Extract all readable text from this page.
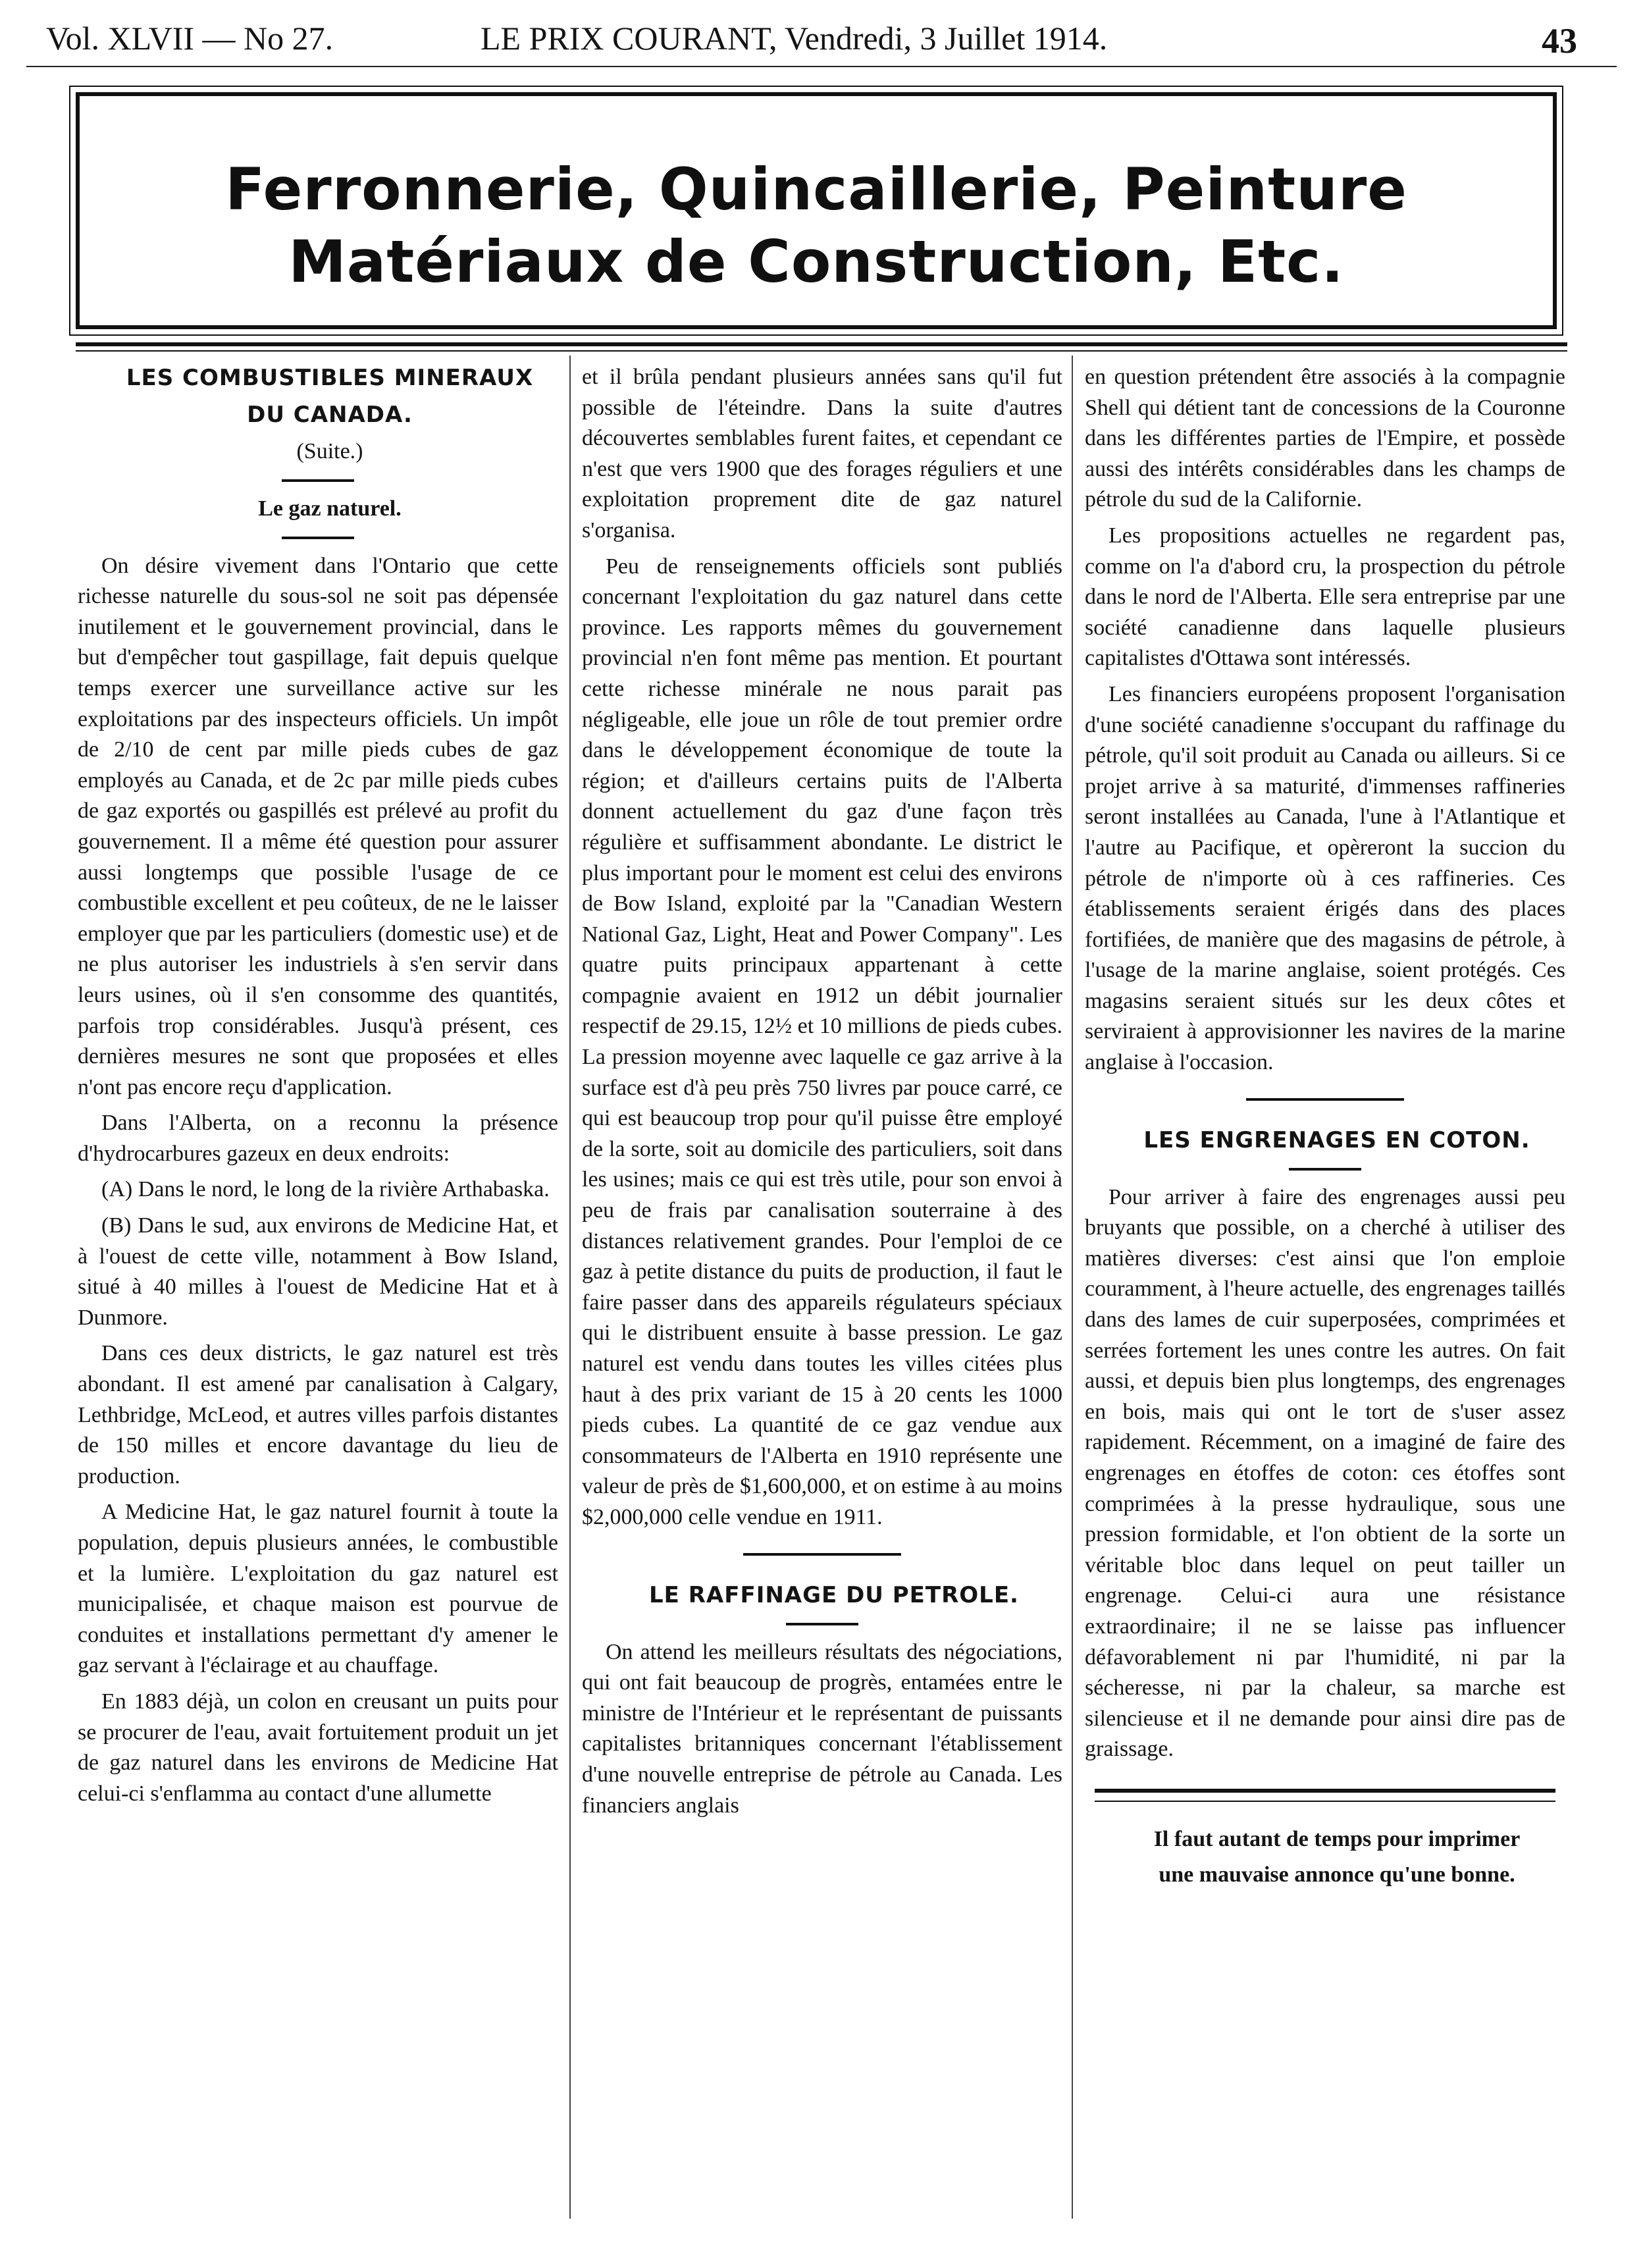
Vol. XLVII — No 27.	LE PRIX COURANT, Vendredi, 3 Juillet 1914.	43
Ferronnerie, Quincaillerie, Peinture
Matériaux de Construction, Etc.

LES COMBUSTIBLES MINERAUX

DU CANADA.

(Suite.)

Le gaz naturel.

On désire vivement dans l'Ontario que cette richesse naturelle du sous-sol ne soit pas dépensée inutilement et le gouvernement provincial, dans le but d'empêcher tout gaspillage, fait depuis quelque temps exercer une surveillance active sur les exploitations par des inspecteurs officiels. Un impôt de 2/10 de cent par mille pieds cubes de gaz employés au Canada, et de 2c par mille pieds cubes de gaz exportés ou gaspillés est prélevé au profit du gouvernement. Il a même été question pour assurer aussi longtemps que possible l'usage de ce combustible excellent et peu coûteux, de ne le laisser employer que par les particuliers (domestic use) et de ne plus autoriser les industriels à s'en servir dans leurs usines, où il s'en consomme des quantités, parfois trop considérables. Jusqu'à présent, ces dernières mesures ne sont que proposées et elles n'ont pas encore reçu d'application.

Dans l'Alberta, on a reconnu la présence d'hydrocarbures gazeux en deux endroits:

(A) Dans le nord, le long de la rivière Arthabaska.

(B) Dans le sud, aux environs de Medicine Hat, et à l'ouest de cette ville, notamment à Bow Island, situé à 40 milles à l'ouest de Medicine Hat et à Dunmore.

Dans ces deux districts, le gaz naturel est très abondant. Il est amené par canalisation à Calgary, Lethbridge, McLeod, et autres villes parfois distantes de 150 milles et encore davantage du lieu de production.

A Medicine Hat, le gaz naturel fournit à toute la population, depuis plusieurs années, le combustible et la lumière. L'exploitation du gaz naturel est municipalisée, et chaque maison est pourvue de conduites et installations permettant d'y amener le gaz servant à l'éclairage et au chauffage.

En 1883 déjà, un colon en creusant un puits pour se procurer de l'eau, avait fortuitement produit un jet de gaz naturel dans les environs de Medicine Hat celui-ci s'enflamma au contact d'une allumette

et il brûla pendant plusieurs années sans qu'il fut possible de l'éteindre. Dans la suite d'autres découvertes semblables furent faites, et cependant ce n'est que vers 1900 que des forages réguliers et une exploitation proprement dite de gaz naturel s'organisa.

Peu de renseignements officiels sont publiés concernant l'exploitation du gaz naturel dans cette province. Les rapports mêmes du gouvernement provincial n'en font même pas mention. Et pourtant cette richesse minérale ne nous parait pas négligeable, elle joue un rôle de tout premier ordre dans le développement économique de toute la région; et d'ailleurs certains puits de l'Alberta donnent actuellement du gaz d'une façon très régulière et suffisamment abondante. Le district le plus important pour le moment est celui des environs de Bow Island, exploité par la "Canadian Western National Gaz, Light, Heat and Power Company". Les quatre puits principaux appartenant à cette compagnie avaient en 1912 un débit journalier respectif de 29.15, 12½ et 10 millions de pieds cubes. La pression moyenne avec laquelle ce gaz arrive à la surface est d'à peu près 750 livres par pouce carré, ce qui est beaucoup trop pour qu'il puisse être employé de la sorte, soit au domicile des particuliers, soit dans les usines; mais ce qui est très utile, pour son envoi à peu de frais par canalisation souterraine à des distances relativement grandes. Pour l'emploi de ce gaz à petite distance du puits de production, il faut le faire passer dans des appareils régulateurs spéciaux qui le distribuent ensuite à basse pression. Le gaz naturel est vendu dans toutes les villes citées plus haut à des prix variant de 15 à 20 cents les 1000 pieds cubes. La quantité de ce gaz vendue aux consommateurs de l'Alberta en 1910 représente une valeur de près de $1,600,000, et on estime à au moins $2,000,000 celle vendue en 1911.

LE RAFFINAGE DU PETROLE.

On attend les meilleurs résultats des négociations, qui ont fait beaucoup de progrès, entamées entre le ministre de l'Intérieur et le représentant de puissants capitalistes britanniques concernant l'établissement d'une nouvelle entreprise de pétrole au Canada. Les financiers anglais

en question prétendent être associés à la compagnie Shell qui détient tant de concessions de la Couronne dans les différentes parties de l'Empire, et possède aussi des intérêts considérables dans les champs de pétrole du sud de la Californie.

Les propositions actuelles ne regardent pas, comme on l'a d'abord cru, la prospection du pétrole dans le nord de l'Alberta. Elle sera entreprise par une société canadienne dans laquelle plusieurs capitalistes d'Ottawa sont intéressés.

Les financiers européens proposent l'organisation d'une société canadienne s'occupant du raffinage du pétrole, qu'il soit produit au Canada ou ailleurs. Si ce projet arrive à sa maturité, d'immenses raffineries seront installées au Canada, l'une à l'Atlantique et l'autre au Pacifique, et opèreront la succion du pétrole de n'importe où à ces raffineries. Ces établissements seraient érigés dans des places fortifiées, de manière que des magasins de pétrole, à l'usage de la marine anglaise, soient protégés. Ces magasins seraient situés sur les deux côtes et serviraient à approvisionner les navires de la marine anglaise à l'occasion.

LES ENGRENAGES EN COTON.

Pour arriver à faire des engrenages aussi peu bruyants que possible, on a cherché à utiliser des matières diverses: c'est ainsi que l'on emploie couramment, à l'heure actuelle, des engrenages taillés dans des lames de cuir superposées, comprimées et serrées fortement les unes contre les autres. On fait aussi, et depuis bien plus longtemps, des engrenages en bois, mais qui ont le tort de s'user assez rapidement. Récemment, on a imaginé de faire des engrenages en étoffes de coton: ces étoffes sont comprimées à la presse hydraulique, sous une pression formidable, et l'on obtient de la sorte un véritable bloc dans lequel on peut tailler un engrenage. Celui-ci aura une résistance extraordinaire; il ne se laisse pas influencer défavorablement ni par l'humidité, ni par la sécheresse, ni par la chaleur, sa marche est silencieuse et il ne demande pour ainsi dire pas de graissage.

Il faut autant de temps pour imprimer

une mauvaise annonce qu'une bonne.
